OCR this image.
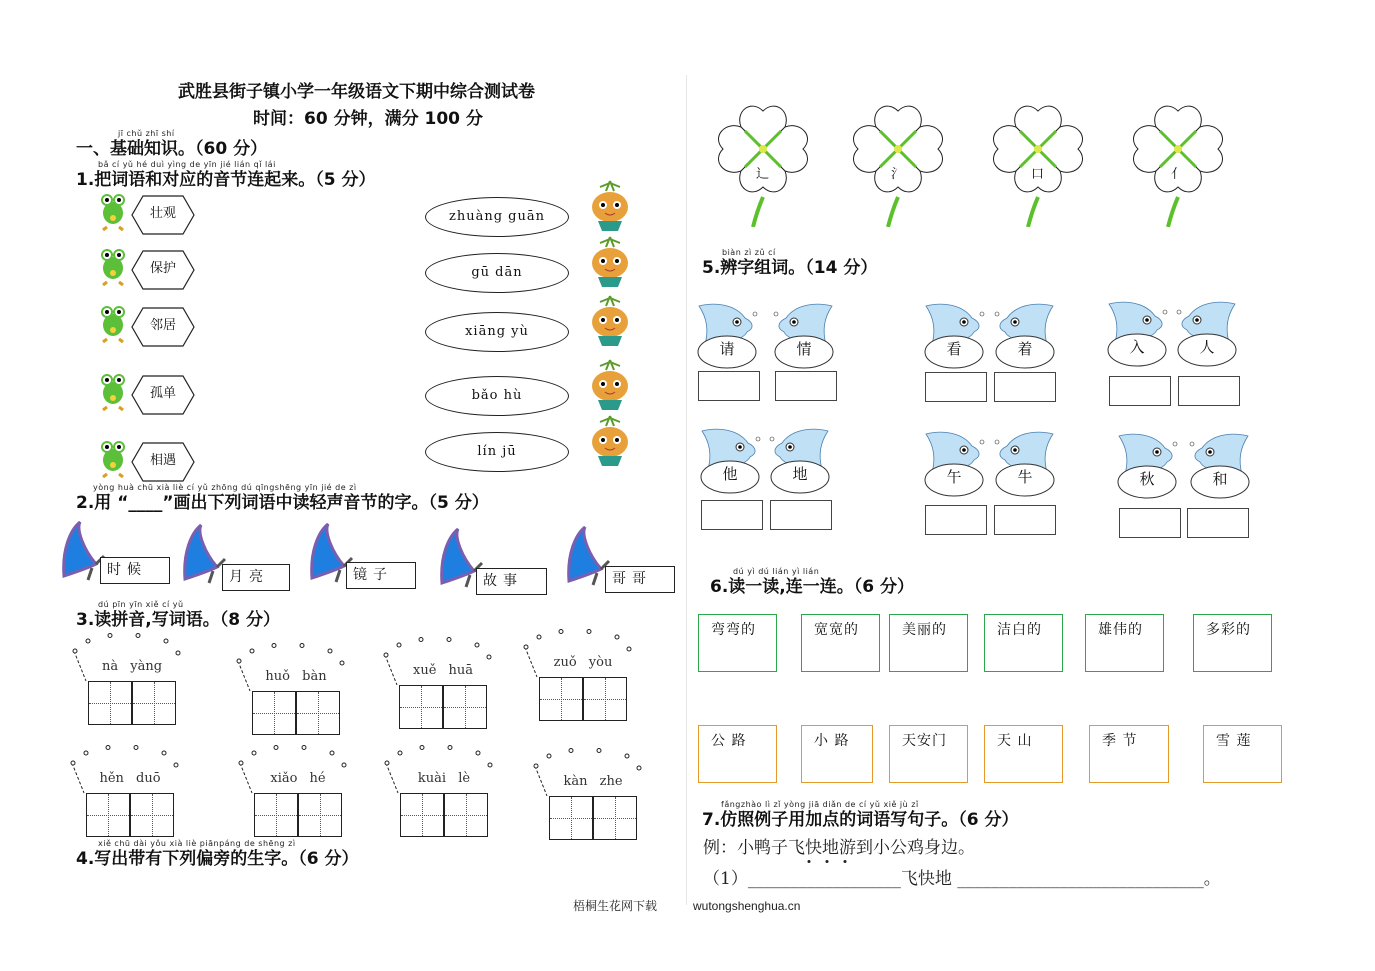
武胜县街子镇小学一年级语文下期中综合测试卷
时间：60 分钟，满分 100 分
jī chǔ zhī shí
一、基础知识。（60 分）
bǎ cí yǔ hé duì yìng de yīn jié lián qǐ lái
1.把词语和对应的音节连起来。（5 分）
壮观	zhuàng guān
保护	gū dān
邻居	xiāng yù
孤单	bǎo hù
相遇
lín jū
yòng huà chū xià liè cí yǔ zhōng dú qīngshēng yīn jié de zì
2.用 “____”画出下列词语中读轻声音节的字。（5 分）
时候	月亮	镜子	故事	哥哥
dú pīn yīn xiě cí yǔ
3.读拼音,写词语。（8 分）
nà yàng
huǒ bàn	xuě huā
zuǒ yòu
hěn duō	xiǎo hé	kuài lè	kàn zhe
xiě chū dài yǒu xià liè piānpáng de shēng zì
4.写出带有下列偏旁的生字。（6 分）
辶	氵	口	亻
biàn zì zǔ cí
5.辨字组词。（14 分）
请	情	看	着	入	人
他	地	午	牛	秋	和
dú yì dú lián yì lián
6.读一读,连一连。（6 分）
弯弯的	宽宽的	美丽的	洁白的	雄伟的	多彩的
公 路	小 路	天安门	天 山	季 节	雪 莲
fǎngzhào lì zǐ yòng jiā diǎn de cí yǔ xiě jù zǐ
7.仿照例子用加点的词语写句子。（6 分）
例：小鸭子飞快地游到小公鸡身边。
（1）__________________飞快地 _____________________________。
梧桐生花网下载	wutongshenghua.cn
